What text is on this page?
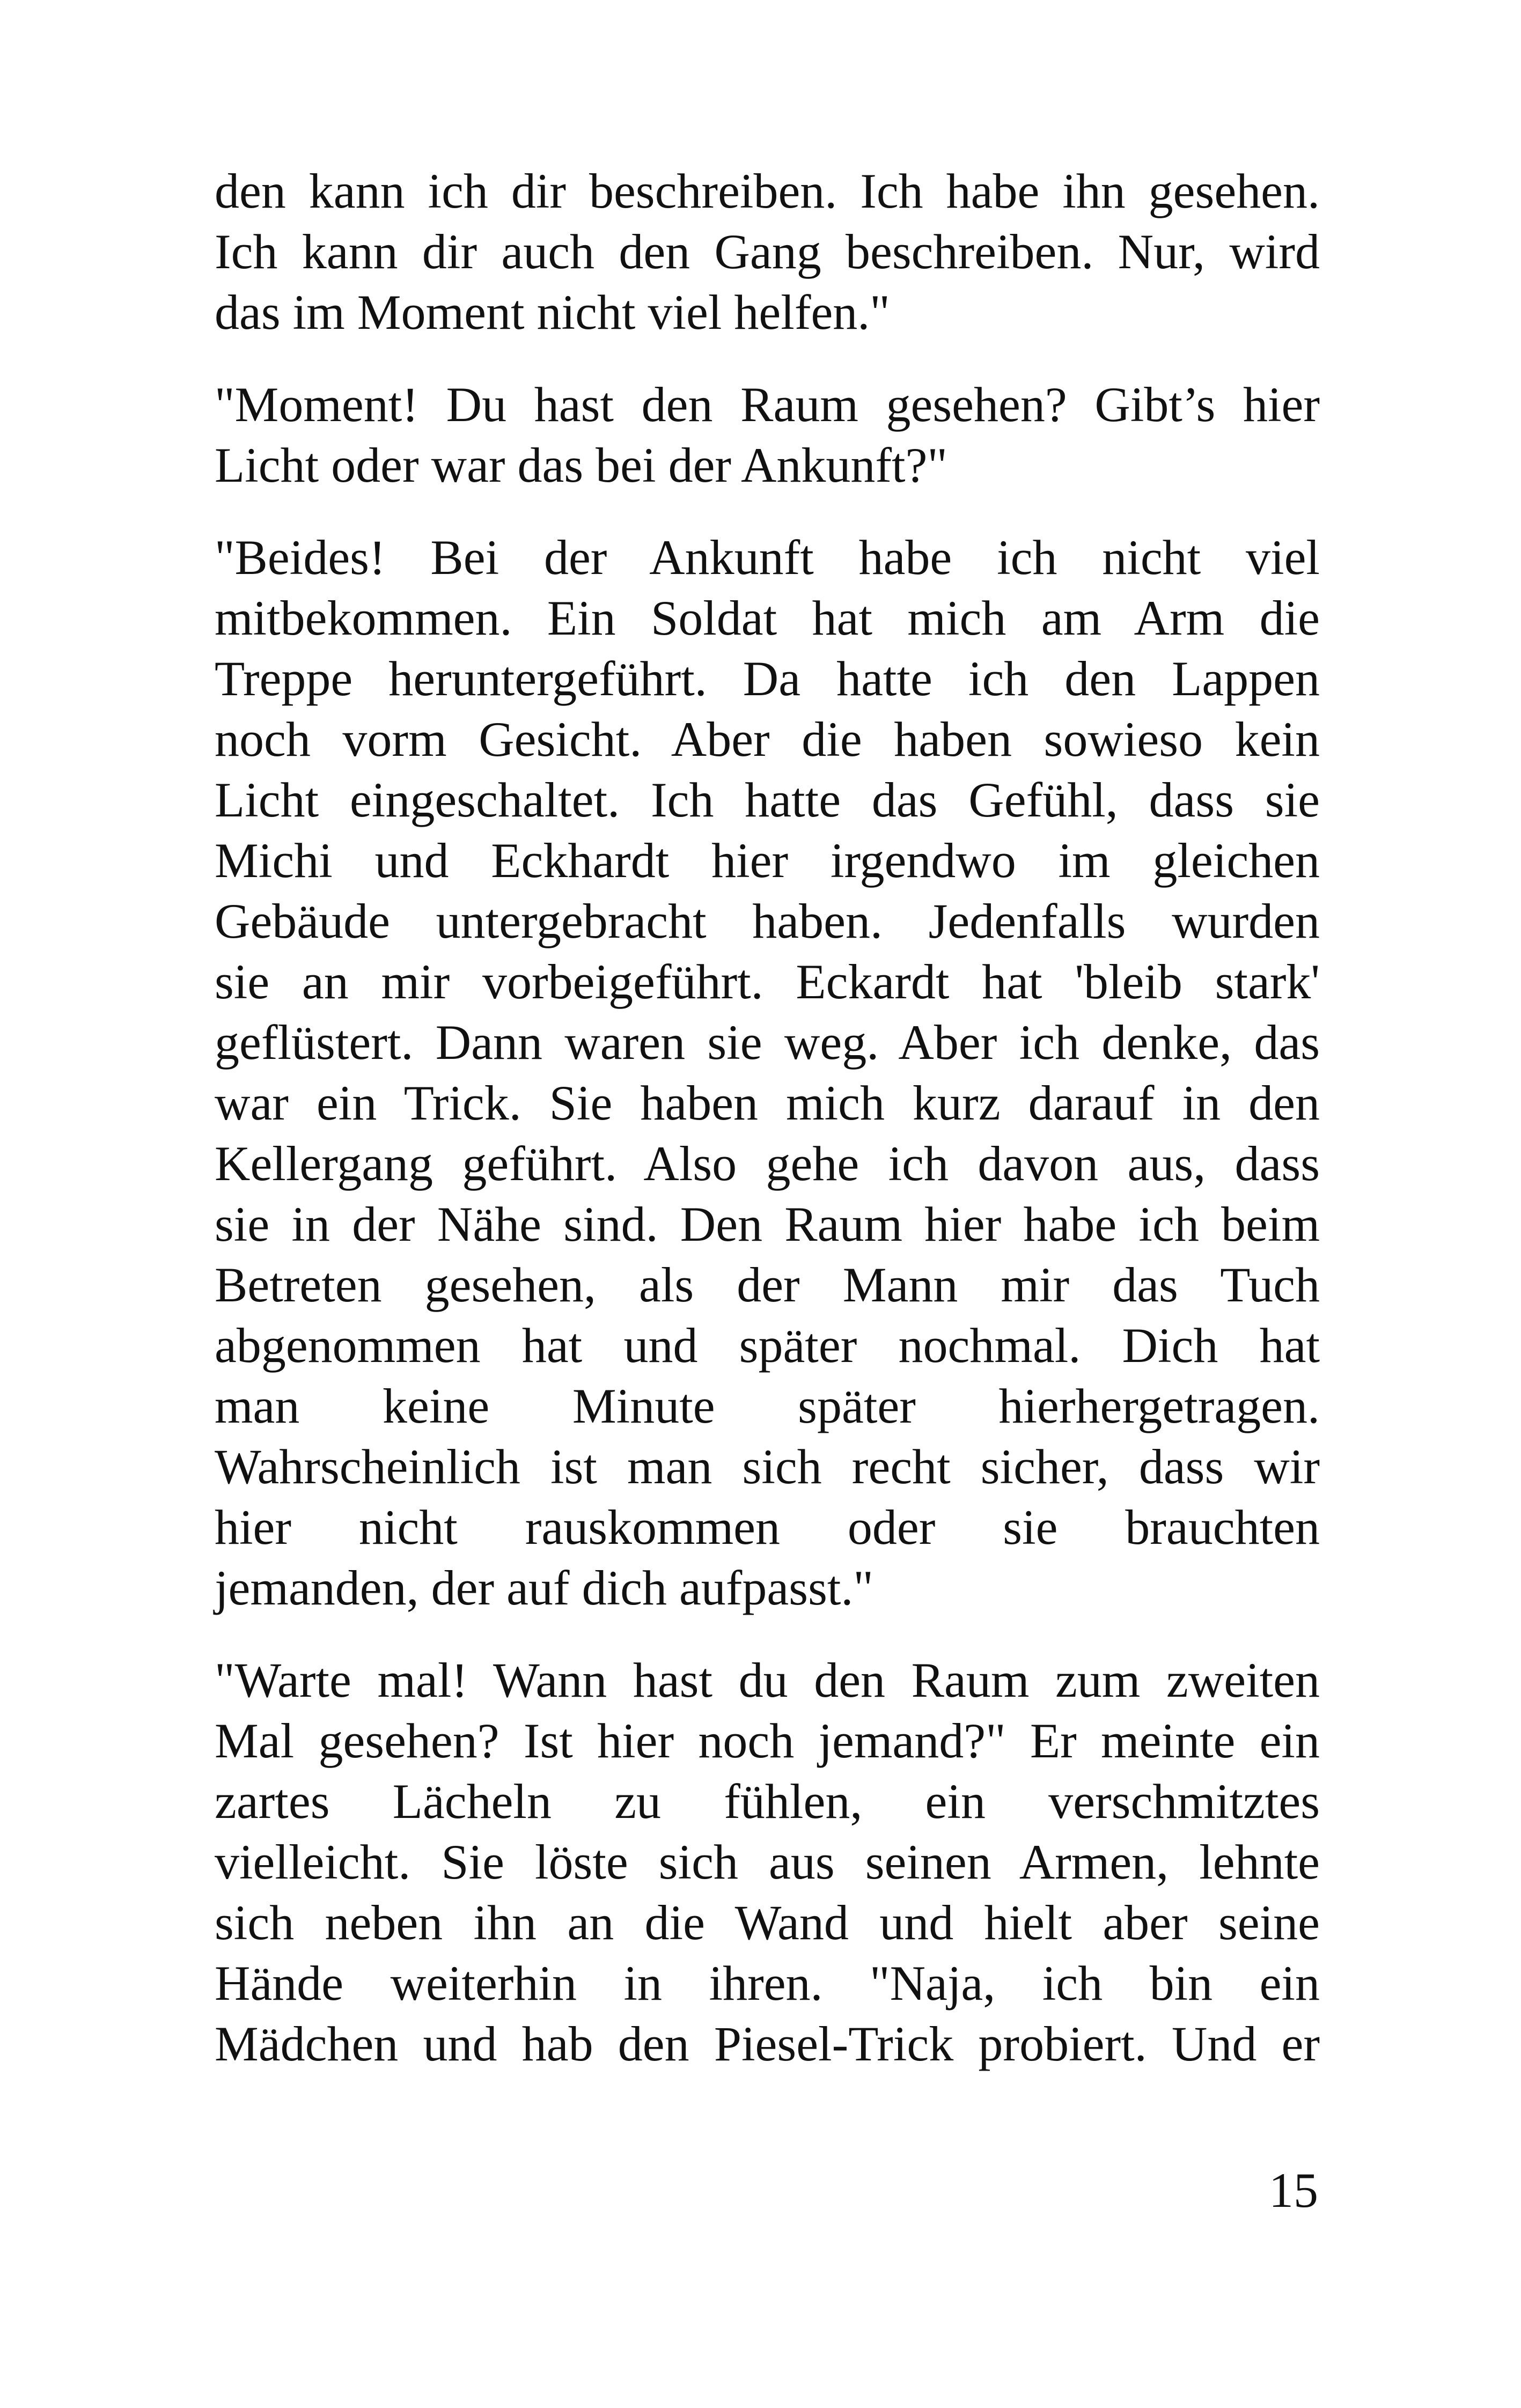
den kann ich dir beschreiben. Ich habe ihn gesehen.
Ich kann dir auch den Gang beschreiben. Nur, wird
das im Moment nicht viel helfen."

"Moment! Du hast den Raum gesehen? Gibt’s hier
Licht oder war das bei der Ankunft?"

"Beides! Bei der Ankunft habe ich nicht viel
mitbekommen. Ein Soldat hat mich am Arm die
Treppe heruntergeführt. Da hatte ich den Lappen
noch vorm Gesicht. Aber die haben sowieso kein
Licht eingeschaltet. Ich hatte das Gefühl, dass sie
Michi und Eckhardt hier irgendwo im gleichen
Gebäude untergebracht haben. Jedenfalls wurden
sie an mir vorbeigeführt. Eckardt hat 'bleib stark'
geflüstert. Dann waren sie weg. Aber ich denke, das
war ein Trick. Sie haben mich kurz darauf in den
Kellergang geführt. Also gehe ich davon aus, dass
sie in der Nähe sind. Den Raum hier habe ich beim
Betreten gesehen, als der Mann mir das Tuch
abgenommen hat und später nochmal. Dich hat
man keine Minute später hierhergetragen.
Wahrscheinlich ist man sich recht sicher, dass wir
hier nicht rauskommen oder sie brauchten
jemanden, der auf dich aufpasst."

"Warte mal! Wann hast du den Raum zum zweiten
Mal gesehen? Ist hier noch jemand?" Er meinte ein
zartes Lächeln zu fühlen, ein verschmitztes
vielleicht. Sie löste sich aus seinen Armen, lehnte
sich neben ihn an die Wand und hielt aber seine
Hände weiterhin in ihren. "Naja, ich bin ein
Mädchen und hab den Piesel-Trick probiert. Und er

15
